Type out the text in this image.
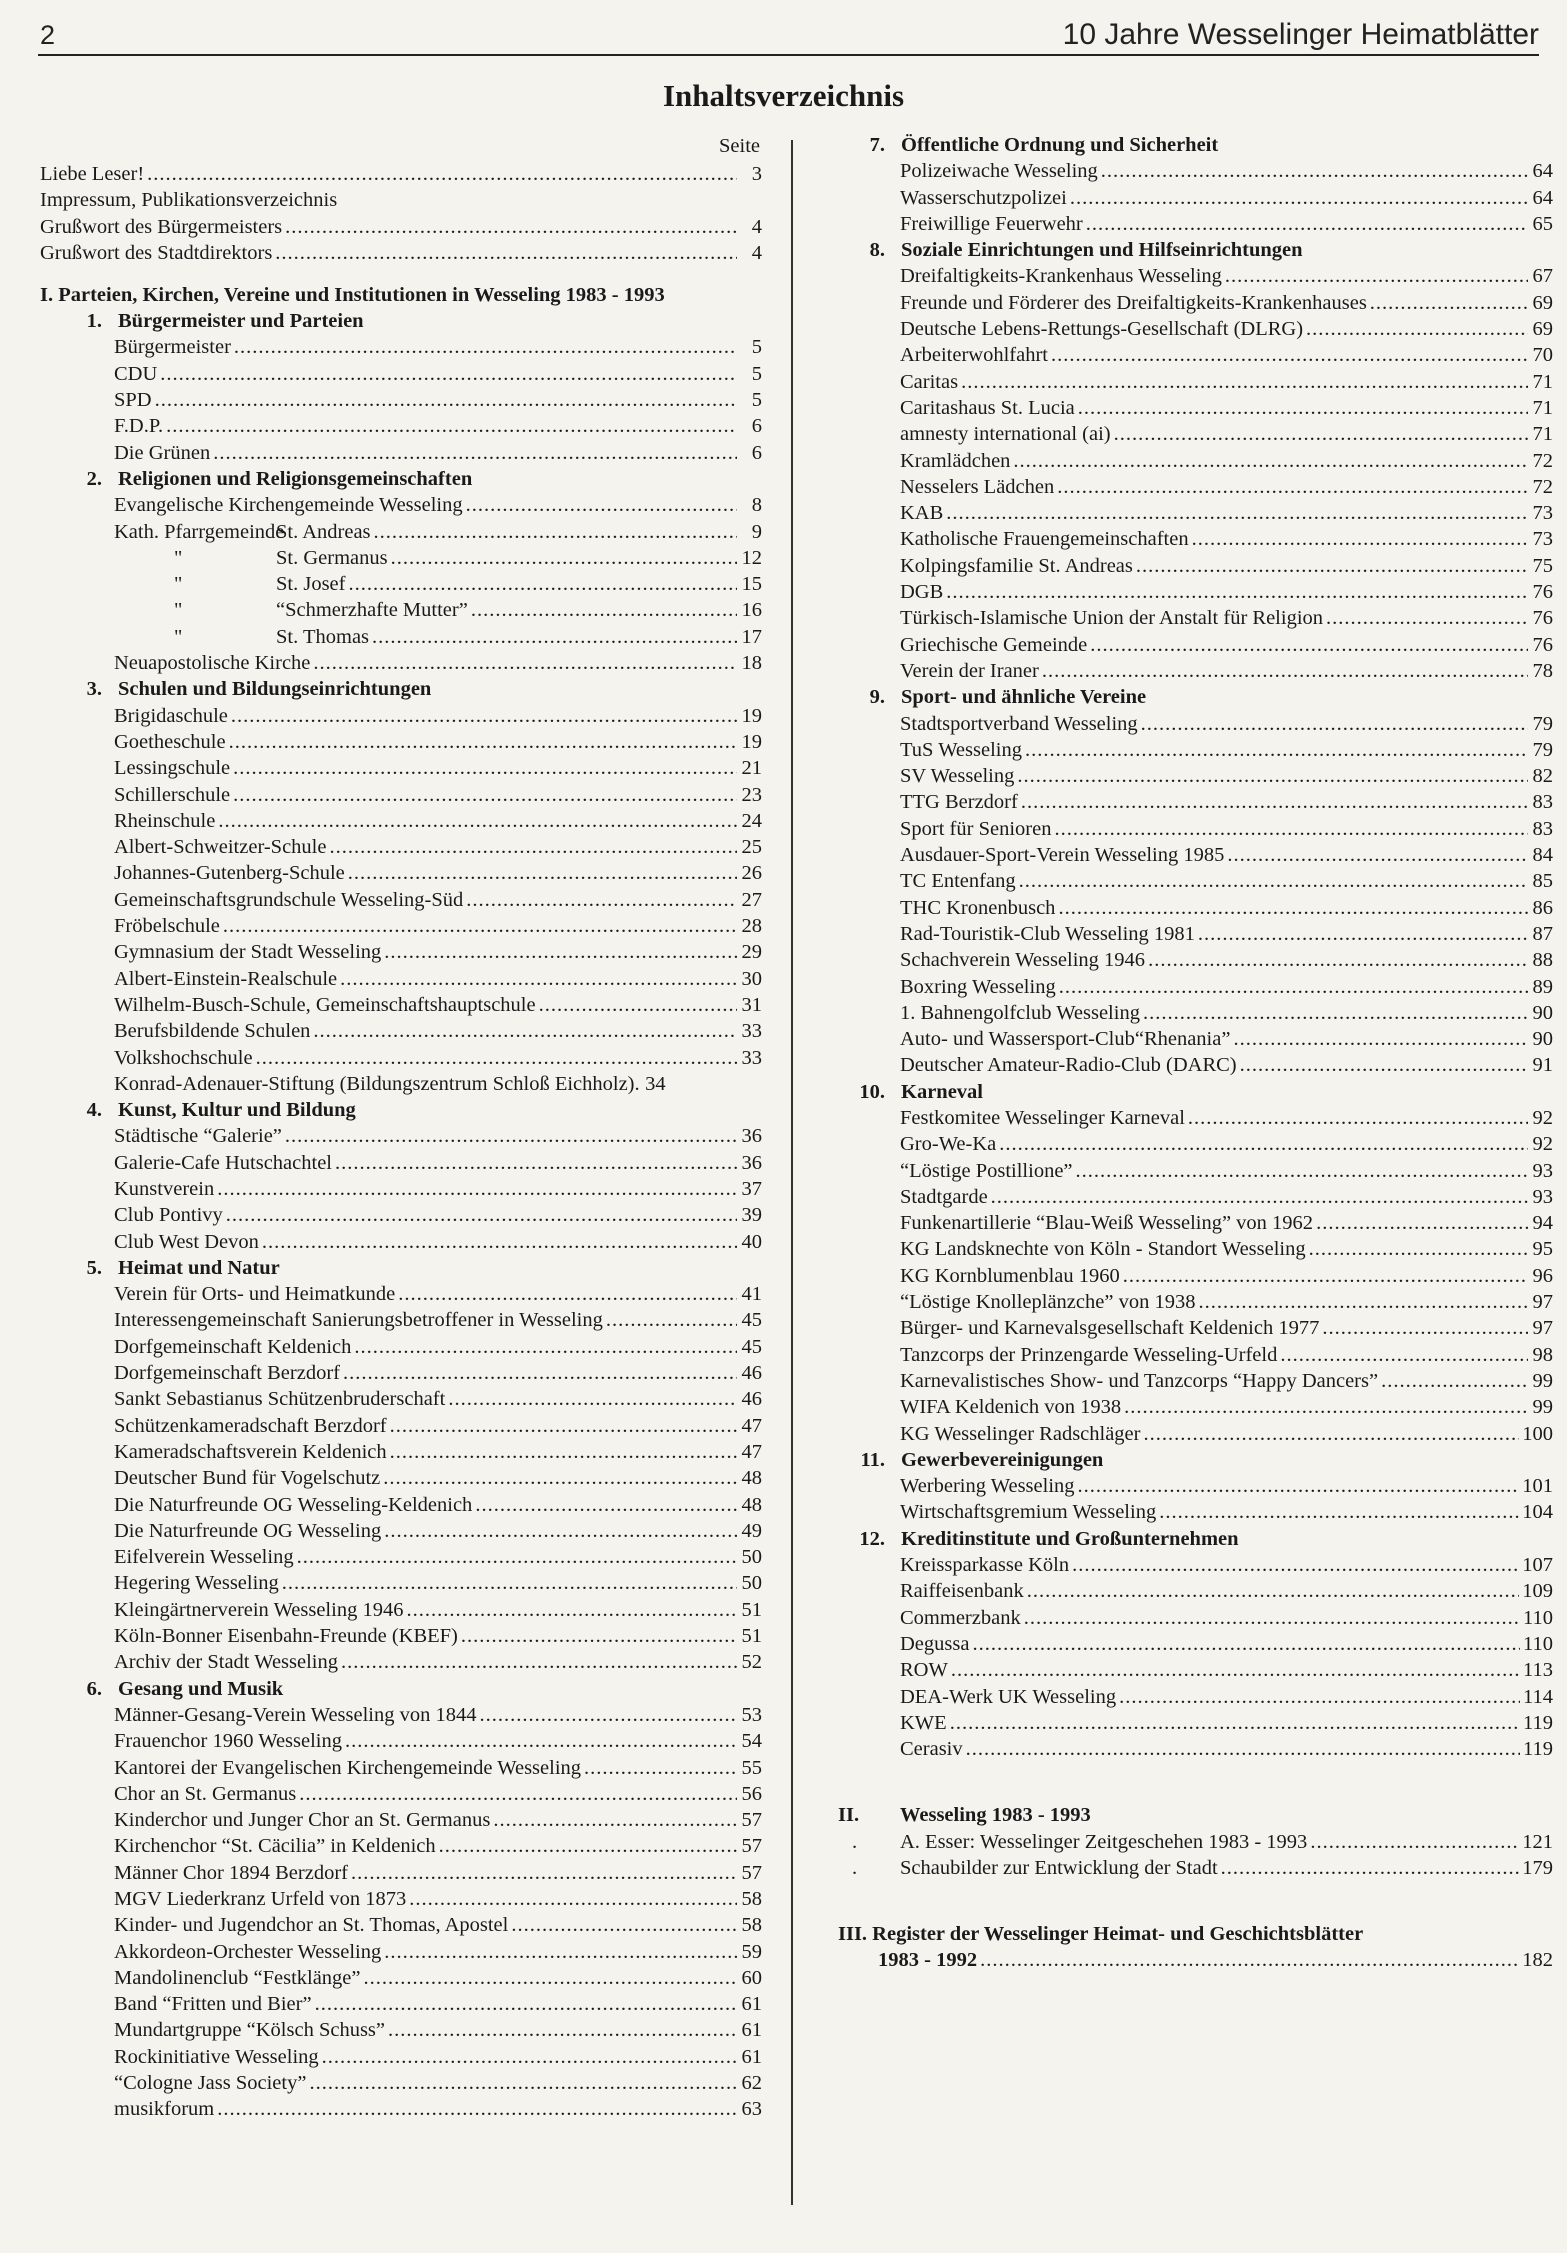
2	10 Jahre Wesselinger Heimatblätter
Inhaltsverzeichnis
Seite
Liebe Leser! .....	3
Impressum, Publikationsverzeichnis
Grußwort des Bürgermeisters .....	4
Grußwort des Stadtdirektors .....	4
I. Parteien, Kirchen, Vereine und Institutionen in Wesseling 1983 - 1993
1. Bürgermeister und Parteien
Bürgermeister .....	5
CDU .....	5
SPD .....	5
F.D.P. .....	6
Die Grünen .....	6
2. Religionen und Religionsgemeinschaften
Evangelische Kirchengemeinde Wesseling .....	8
Kath. Pfarrgemeinde
St. Andreas .....	9
"	St. Germanus .....	12
"	St. Josef .....	15
"	“Schmerzhafte Mutter” .....	16
"	St. Thomas .....	17
Neuapostolische Kirche .....	18
3. Schulen und Bildungseinrichtungen
Brigidaschule .....	19
Goetheschule .....	19
Lessingschule .....	21
Schillerschule .....	23
Rheinschule .....	24
Albert-Schweitzer-Schule .....	25
Johannes-Gutenberg-Schule .....	26
Gemeinschaftsgrundschule Wesseling-Süd .....	27
Fröbelschule .....	28
Gymnasium der Stadt Wesseling .....	29
Albert-Einstein-Realschule .....	30
Wilhelm-Busch-Schule, Gemeinschaftshauptschule .....	31
Berufsbildende Schulen .....	33
Volkshochschule .....	33
Konrad-Adenauer-Stiftung (Bildungszentrum Schloß Eichholz). 34
4. Kunst, Kultur und Bildung
Städtische “Galerie” .....	36
Galerie-Cafe Hutschachtel .....	36
Kunstverein .....	37
Club Pontivy .....	39
Club West Devon .....	40
5. Heimat und Natur
Verein für Orts- und Heimatkunde .....	41
Interessengemeinschaft Sanierungsbetroffener in Wesseling .....	45
Dorfgemeinschaft Keldenich .....	45
Dorfgemeinschaft Berzdorf .....	46
Sankt Sebastianus Schützenbruderschaft .....	46
Schützenkameradschaft Berzdorf .....	47
Kameradschaftsverein Keldenich .....	47
Deutscher Bund für Vogelschutz .....	48
Die Naturfreunde OG Wesseling-Keldenich .....	48
Die Naturfreunde OG Wesseling .....	49
Eifelverein Wesseling .....	50
Hegering Wesseling .....	50
Kleingärtnerverein Wesseling 1946 .....	51
Köln-Bonner Eisenbahn-Freunde (KBEF) .....	51
Archiv der Stadt Wesseling .....	52
6. Gesang und Musik
Männer-Gesang-Verein Wesseling von 1844 .....	53
Frauenchor 1960 Wesseling .....	54
Kantorei der Evangelischen Kirchengemeinde Wesseling .....	55
Chor an St. Germanus .....	56
Kinderchor und Junger Chor an St. Germanus .....	57
Kirchenchor “St. Cäcilia” in Keldenich .....	57
Männer Chor 1894 Berzdorf .....	57
MGV Liederkranz Urfeld von 1873 .....	58
Kinder- und Jugendchor an St. Thomas, Apostel .....	58
Akkordeon-Orchester Wesseling .....	59
Mandolinenclub “Festklänge” .....	60
Band “Fritten und Bier” .....	61
Mundartgruppe “Kölsch Schuss” .....	61
Rockinitiative Wesseling .....	61
“Cologne Jass Society” .....	62
musikforum .....	63
7. Öffentliche Ordnung und Sicherheit
Polizeiwache Wesseling .....	64
Wasserschutzpolizei .....	64
Freiwillige Feuerwehr .....	65
8. Soziale Einrichtungen und Hilfseinrichtungen
Dreifaltigkeits-Krankenhaus Wesseling .....	67
Freunde und Förderer des Dreifaltigkeits-Krankenhauses .....	69
Deutsche Lebens-Rettungs-Gesellschaft (DLRG) .....	69
Arbeiterwohlfahrt .....	70
Caritas .....	71
Caritashaus St. Lucia .....	71
amnesty international (ai) .....	71
Kramlädchen .....	72
Nesselers Lädchen .....	72
KAB .....	73
Katholische Frauengemeinschaften .....	73
Kolpingsfamilie St. Andreas .....	75
DGB .....	76
Türkisch-Islamische Union der Anstalt für Religion .....	76
Griechische Gemeinde .....	76
Verein der Iraner .....	78
9. Sport- und ähnliche Vereine
Stadtsportverband Wesseling .....	79
TuS Wesseling .....	79
SV Wesseling .....	82
TTG Berzdorf .....	83
Sport für Senioren .....	83
Ausdauer-Sport-Verein Wesseling 1985 .....	84
TC Entenfang .....	85
THC Kronenbusch .....	86
Rad-Touristik-Club Wesseling 1981 .....	87
Schachverein Wesseling 1946 .....	88
Boxring Wesseling .....	89
1. Bahnengolfclub Wesseling .....	90
Auto- und Wassersport-Club“Rhenania” .....	90
Deutscher Amateur-Radio-Club (DARC) .....	91
10. Karneval
Festkomitee Wesselinger Karneval .....	92
Gro-We-Ka .....	92
“Löstige Postillione” .....	93
Stadtgarde .....	93
Funkenartillerie “Blau-Weiß Wesseling” von 1962 .....	94
KG Landsknechte von Köln - Standort Wesseling .....	95
KG Kornblumenblau 1960 .....	96
“Löstige Knolleplänzche” von 1938 .....	97
Bürger- und Karnevalsgesellschaft Keldenich 1977 .....	97
Tanzcorps der Prinzengarde Wesseling-Urfeld .....	98
Karnevalistisches Show- und Tanzcorps “Happy Dancers” .....	99
WIFA Keldenich von 1938 .....	99
KG Wesselinger Radschläger .....	100
11. Gewerbevereinigungen
Werbering Wesseling .....	101
Wirtschaftsgremium Wesseling .....	104
12. Kreditinstitute und Großunternehmen
Kreissparkasse Köln .....	107
Raiffeisenbank .....	109
Commerzbank .....	110
Degussa .....	110
ROW .....	113
DEA-Werk UK Wesseling .....	114
KWE .....	119
Cerasiv .....	119
II.	Wesseling 1983 - 1993
.	A. Esser: Wesselinger Zeitgeschehen 1983 - 1993 .....	121
.	Schaubilder zur Entwicklung der Stadt .....	179
III. Register der Wesselinger Heimat- und Geschichtsblätter
1983 - 1992 .....	182
